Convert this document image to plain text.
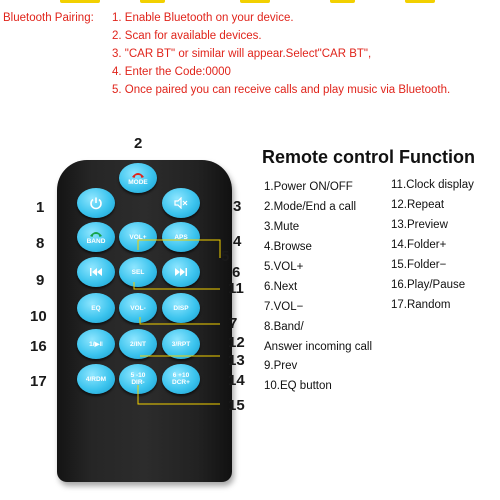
Bluetooth Pairing: 1. Enable Bluetooth on your device.
2. Scan for available devices.
3. "CAR BT" or similar will appear.Select"CAR BT",
4. Enter the Code:0000
5. Once paired you can receive calls and play music via Bluetooth.
Remote control Function
1.Power ON/OFF
2.Mode/End a call
3.Mute
4.Browse
5.VOL+
6.Next
7.VOL−
8.Band/
Answer incoming call
9.Prev
10.EQ button
11.Clock display
12.Repeat
13.Preview
14.Folder+
15.Folder−
16.Play/Pause
17.Random
MODE
BAND
VOL+	APS
SEL
EQ	VOL-	DISP
1/▶‖	2/INT	3/RPT
4/RDM	5 -10
DIR-
6 +10
DCR+
1
2
3
4
5
6
7
8
9
10
11
12
13
14
15
16
17
